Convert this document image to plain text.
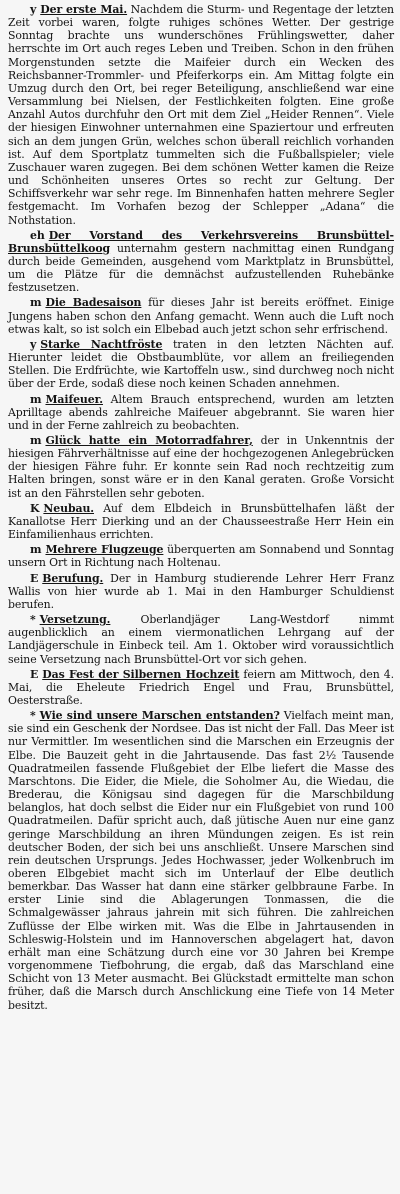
y Der erste Mai. Nachdem die Sturm- und Regentage der letzten Zeit vorbei waren, folgte ruhiges schönes Wetter. Der gestrige Sonntag brachte uns wunderschönes Frühlingswetter, daher herrschte im Ort auch reges Leben und Treiben. Schon in den frühen Morgenstunden setzte die Maifeier durch ein Wecken des Reichsbanner-Trommler- und Pfeiferkorps ein. Am Mittag folgte ein Umzug durch den Ort, bei reger Beteiligung, anschließend war eine Versammlung bei Nielsen, der Festlichkeiten folgten. Eine große Anzahl Autos durchfuhr den Ort mit dem Ziel „Heider Rennen“. Viele der hiesigen Einwohner unternahmen eine Spaziertour und erfreuten sich an dem jungen Grün, welches schon überall reichlich vorhanden ist. Auf dem Sportplatz tummelten sich die Fußballspieler; viele Zuschauer waren zugegen. Bei dem schönen Wetter kamen die Reize und Schönheiten unseres Ortes so recht zur Geltung. Der Schiffsverkehr war sehr rege. Im Binnenhafen hatten mehrere Segler festgemacht. Im Vorhafen bezog der Schlepper „Adana“ die Nothstation.

eh Der Vorstand des Verkehrsvereins Brunsbüttel-Brunsbüttelkoog unternahm gestern nachmittag einen Rundgang durch beide Gemeinden, ausgehend vom Marktplatz in Brunsbüttel, um die Plätze für die demnächst aufzustellenden Ruhebänke festzusetzen.

m Die Badesaison für dieses Jahr ist bereits eröffnet. Einige Jungens haben schon den Anfang gemacht. Wenn auch die Luft noch etwas kalt, so ist solch ein Elbebad auch jetzt schon sehr erfrischend.

y Starke Nachtfröste traten in den letzten Nächten auf. Hierunter leidet die Obstbaumblüte, vor allem an freiliegenden Stellen. Die Erdfrüchte, wie Kartoffeln usw., sind durchweg noch nicht über der Erde, sodaß diese noch keinen Schaden annehmen.

m Maifeuer. Altem Brauch entsprechend, wurden am letzten Aprilltage abends zahlreiche Maifeuer abgebrannt. Sie waren hier und in der Ferne zahlreich zu beobachten.

m Glück hatte ein Motorradfahrer, der in Unkenntnis der hiesigen Fährverhältnisse auf eine der hochgezogenen Anlegebrücken der hiesigen Fähre fuhr. Er konnte sein Rad noch rechtzeitig zum Halten bringen, sonst wäre er in den Kanal geraten. Große Vorsicht ist an den Fährstellen sehr geboten.

K Neubau. Auf dem Elbdeich in Brunsbüttelhafen läßt der Kanallotse Herr Dierking und an der Chausseestraße Herr Hein ein Einfamilienhaus errichten.

m Mehrere Flugzeuge überquerten am Sonnabend und Sonntag unsern Ort in Richtung nach Holtenau.

E Berufung. Der in Hamburg studierende Lehrer Herr Franz Wallis von hier wurde ab 1. Mai in den Hamburger Schuldienst berufen.

* Versetzung. Oberlandjäger Lang-Westdorf nimmt augenblicklich an einem viermonatlichen Lehrgang auf der Landjägerschule in Einbeck teil. Am 1. Oktober wird voraussichtlich seine Versetzung nach Brunsbüttel-Ort vor sich gehen.

E Das Fest der Silbernen Hochzeit feiern am Mittwoch, den 4. Mai, die Eheleute Friedrich Engel und Frau, Brunsbüttel, Oesterstraße.

* Wie sind unsere Marschen entstanden? Vielfach meint man, sie sind ein Geschenk der Nordsee. Das ist nicht der Fall. Das Meer ist nur Vermittler. Im wesentlichen sind die Marschen ein Erzeugnis der Elbe. Die Bauzeit geht in die Jahrtausende. Das fast 2½ Tausende Quadratmeilen fassende Flußgebiet der Elbe liefert die Masse des Marschtons. Die Eider, die Miele, die Soholmer Au, die Wiedau, die Brederau, die Königsau sind dagegen für die Marschbildung belanglos, hat doch selbst die Eider nur ein Flußgebiet von rund 100 Quadratmeilen. Dafür spricht auch, daß jütische Auen nur eine ganz geringe Marschbildung an ihren Mündungen zeigen. Es ist rein deutscher Boden, der sich bei uns anschließt. Unsere Marschen sind rein deutschen Ursprungs. Jedes Hochwasser, jeder Wolkenbruch im oberen Elbgebiet macht sich im Unterlauf der Elbe deutlich bemerkbar. Das Wasser hat dann eine stärker gelbbraune Farbe. In erster Linie sind die Ablagerungen Tonmassen, die die Schmalgewässer jahraus jahrein mit sich führen. Die zahlreichen Zuflüsse der Elbe wirken mit. Was die Elbe in Jahrtausenden in Schleswig-Holstein und im Hannoverschen abgelagert hat, davon erhält man eine Schätzung durch eine vor 30 Jahren bei Krempe vorgenommene Tiefbohrung, die ergab, daß das Marschland eine Schicht von 13 Meter ausmacht. Bei Glückstadt ermittelte man schon früher, daß die Marsch durch Anschlickung eine Tiefe von 14 Meter besitzt.
